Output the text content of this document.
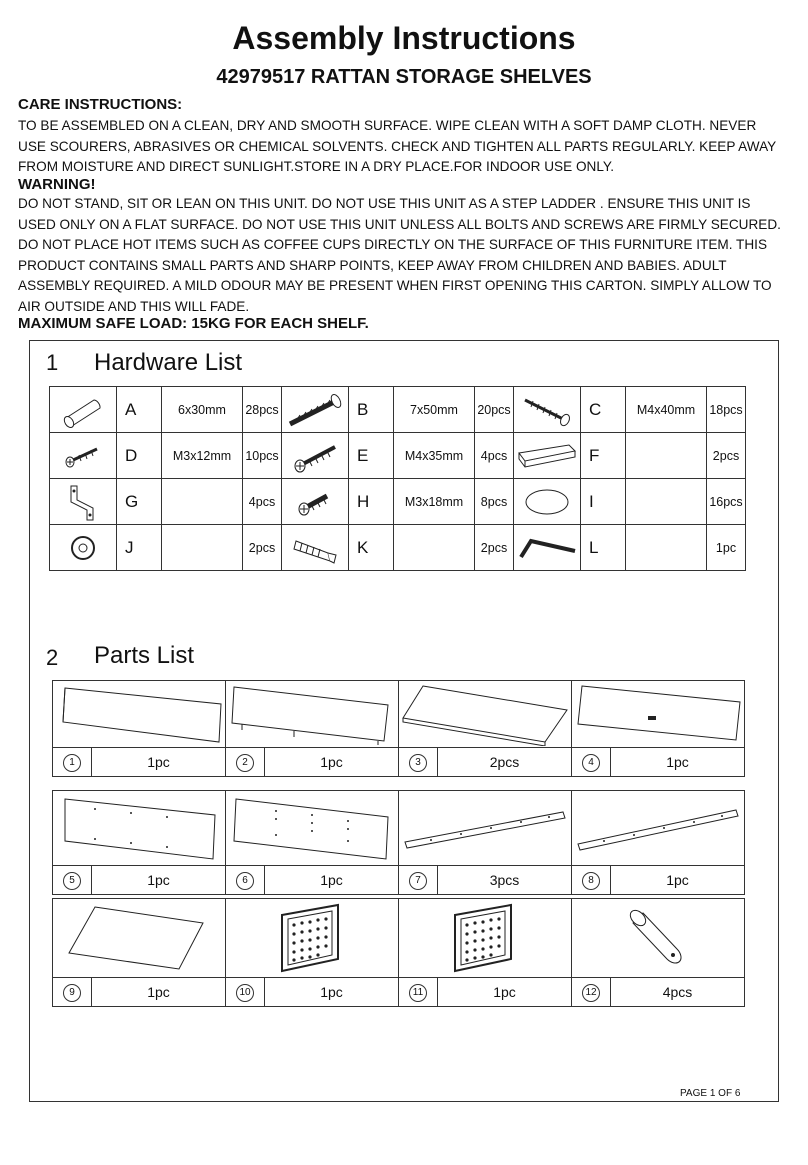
Assembly Instructions
42979517 RATTAN STORAGE SHELVES
CARE INSTRUCTIONS:
TO BE ASSEMBLED ON A CLEAN, DRY AND SMOOTH SURFACE. WIPE CLEAN WITH A SOFT DAMP CLOTH. NEVER
USE SCOURERS, ABRASIVES OR CHEMICAL SOLVENTS. CHECK AND TIGHTEN ALL PARTS REGULARLY. KEEP AWAY
FROM MOISTURE AND DIRECT SUNLIGHT.STORE IN A DRY PLACE.FOR INDOOR USE ONLY.
WARNING!
DO NOT STAND, SIT OR LEAN ON THIS UNIT. DO NOT USE THIS UNIT AS A STEP LADDER . ENSURE THIS UNIT IS
USED ONLY ON A FLAT SURFACE. DO NOT USE THIS UNIT UNLESS ALL BOLTS AND SCREWS ARE FIRMLY SECURED.
DO NOT PLACE HOT ITEMS SUCH AS COFFEE CUPS DIRECTLY ON THE SURFACE OF THIS FURNITURE ITEM. THIS
PRODUCT CONTAINS SMALL PARTS AND SHARP POINTS, KEEP AWAY FROM CHILDREN AND BABIES. ADULT
ASSEMBLY REQUIRED. A MILD ODOUR MAY BE PRESENT WHEN FIRST OPENING THIS CARTON. SIMPLY ALLOW TO
AIR OUTSIDE AND THIS WILL FADE.
MAXIMUM SAFE LOAD: 15KG FOR EACH SHELF.
1 Hardware List
	A	6x30mm	28pcs		B	7x50mm	20pcs		C	M4x40mm	18pcs
	D	M3x12mm	10pcs		E	M4x35mm	4pcs		F		2pcs
	G		4pcs		H	M3x18mm	8pcs		I		16pcs
	J		2pcs		K		2pcs		L		1pc
2 Parts List

1	1pc	2	1pc	3	2pcs	4	1pc

5	1pc	6	1pc	7	3pcs	8	1pc

9	1pc	10	1pc	11	1pc	12	4pcs
PAGE 1 OF 6
